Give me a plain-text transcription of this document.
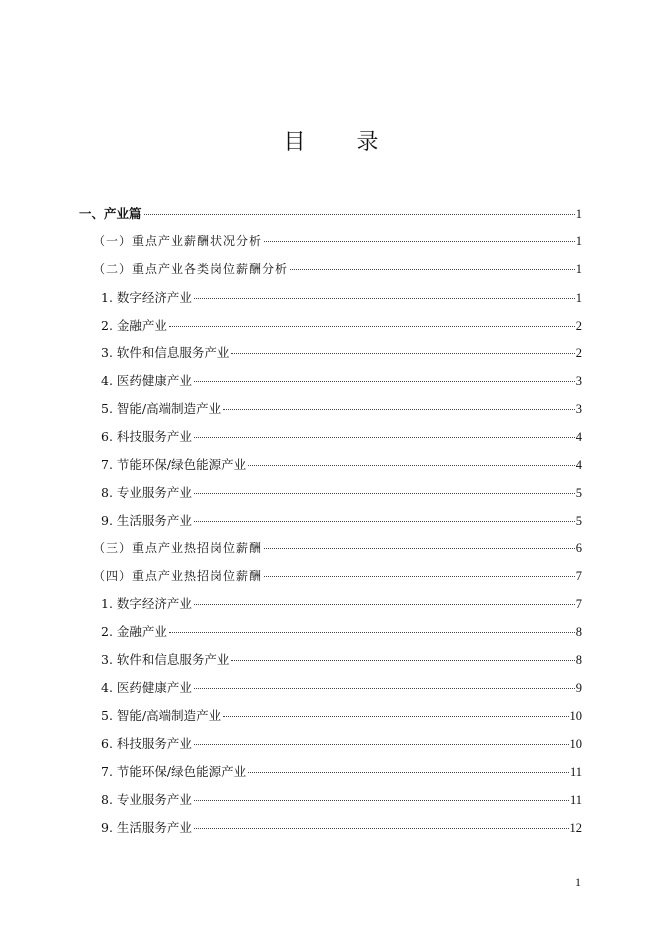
目 录
一、产业篇	1
（一）重点产业薪酬状况分析	1
（二）重点产业各类岗位薪酬分析	1
1. 数字经济产业	1
2. 金融产业	2
3. 软件和信息服务产业	2
4. 医药健康产业	3
5. 智能/高端制造产业	3
6. 科技服务产业	4
7. 节能环保/绿色能源产业	4
8. 专业服务产业	5
9. 生活服务产业	5
（三）重点产业热招岗位薪酬	6
（四）重点产业热招岗位薪酬	7
1. 数字经济产业	7
2. 金融产业	8
3. 软件和信息服务产业	8
4. 医药健康产业	9
5. 智能/高端制造产业	10
6. 科技服务产业	10
7. 节能环保/绿色能源产业	11
8. 专业服务产业	11
9. 生活服务产业	12
1
